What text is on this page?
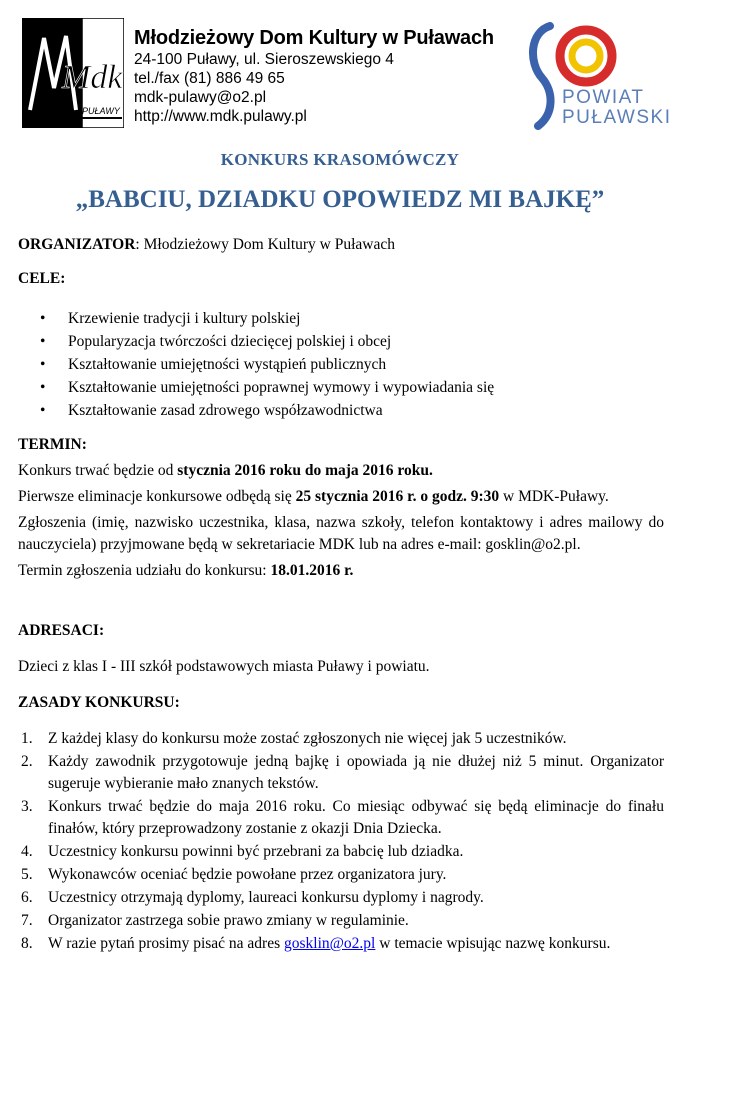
Mdk
PUŁAWY
Młodzieżowy Dom Kultury w Puławach
24-100 Puławy, ul. Sieroszewskiego 4
tel./fax (81) 886 49 65
mdk-pulawy@o2.pl
http://www.mdk.pulawy.pl
POWIAT
PUŁAWSKI
KONKURS KRASOMÓWCZY
„BABCIU, DZIADKU OPOWIEDZ MI BAJKĘ”

ORGANIZATOR: Młodzieżowy Dom Kultury w Puławach

CELE:

• Krzewienie tradycji i kultury polskiej
• Popularyzacja twórczości dziecięcej polskiej i obcej
• Kształtowanie umiejętności wystąpień publicznych
• Kształtowanie umiejętności poprawnej wymowy i wypowiadania się
• Kształtowanie zasad zdrowego współzawodnictwa

TERMIN:

Konkurs trwać będzie od stycznia 2016 roku do maja 2016 roku.

Pierwsze eliminacje konkursowe odbędą się 25 stycznia 2016 r. o godz. 9:30 w MDK-Puławy.

Zgłoszenia (imię, nazwisko uczestnika, klasa, nazwa szkoły, telefon kontaktowy i adres mailowy do nauczyciela) przyjmowane będą w sekretariacie MDK lub na adres e-mail: gosklin@o2.pl.

Termin zgłoszenia udziału do konkursu: 18.01.2016 r.

ADRESACI:

Dzieci z klas I - III szkół podstawowych miasta Puławy i powiatu.

ZASADY KONKURSU:

1. Z każdej klasy do konkursu może zostać zgłoszonych nie więcej jak 5 uczestników.
2. Każdy zawodnik przygotowuje jedną bajkę i opowiada ją nie dłużej niż 5 minut. Organizator sugeruje wybieranie mało znanych tekstów.
3. Konkurs trwać będzie do maja 2016 roku. Co miesiąc odbywać się będą eliminacje do finału finałów, który przeprowadzony zostanie z okazji Dnia Dziecka.
4. Uczestnicy konkursu powinni być przebrani za babcię lub dziadka.
5. Wykonawców oceniać będzie powołane przez organizatora jury.
6. Uczestnicy otrzymają dyplomy, laureaci konkursu dyplomy i nagrody.
7. Organizator zastrzega sobie prawo zmiany w regulaminie.
8. W razie pytań prosimy pisać na adres gosklin@o2.pl w temacie wpisując nazwę konkursu.
